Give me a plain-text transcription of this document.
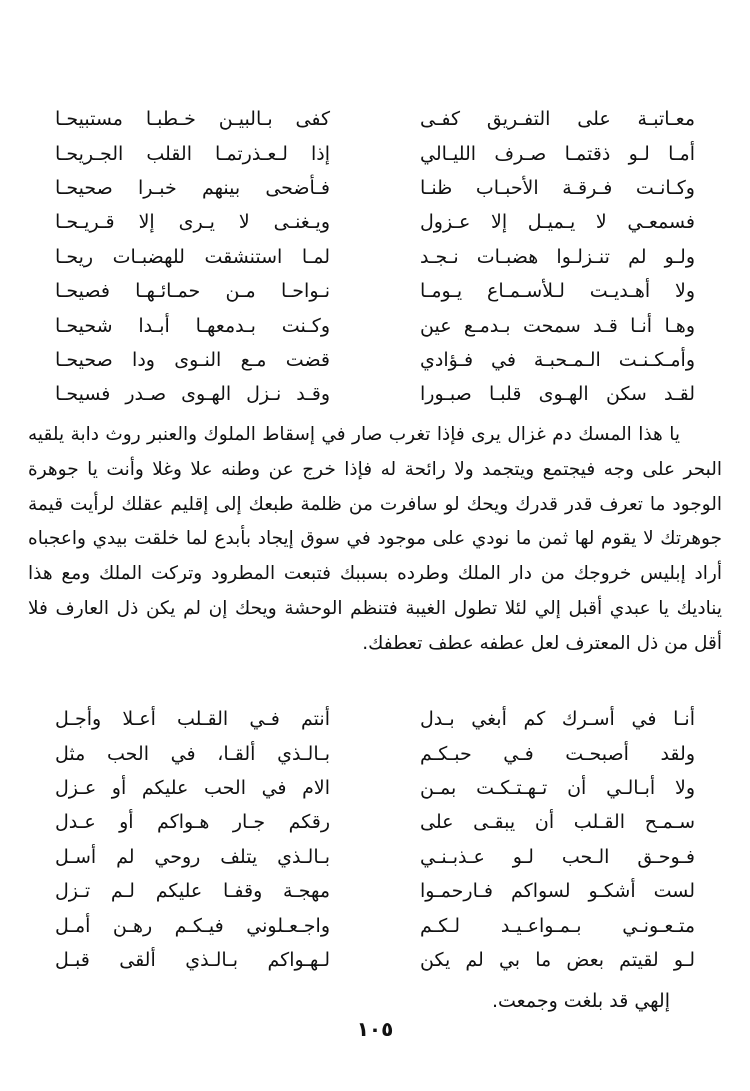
معـاتبـة على التفـريق كفـى
كفى بـالبيـن خـطبـا مستبيحـا
أمـا لـو ذقتمـا صـرف الليـالي
إذا لـعـذرتمـا القلب الجـريحـا
وكـانـت فـرقـة الأحبـاب ظنـا
فـأضحى بينهم خبـرا صحيحـا
فسمعـي لا يـميـل إلا عـزول
ويـغنـى لا يـرى إلا قـريـحـا
ولـو لم تنـزلـوا هضبـات نـجـد
لمـا استنشقت للهضبـات ريحـا
ولا أهـديـت لـلأسـمـاع يـومـا
نـواحـا مـن حمـائـهـا فصيحـا
وهـا أنـا قـد سمحت بـدمـع عين
وكـنت بـدمعهـا أبـدا شحيحـا
وأمـكـنـت الـمـحبـة في فـؤادي
قضت مـع النـوى ودا صحيحـا
لقـد سكن الهـوى قلبـا صبـورا
وقـد نـزل الهـوى صـدر فسيحـا

يا هذا المسك دم غزال يرى فإذا تغرب صار في إسقاط الملوك والعنبر روث دابة يلقيه البحر على وجه فيجتمع ويتجمد ولا رائحة له فإذا خرج عن وطنه علا وغلا وأنت يا جوهرة الوجود ما تعرف قدر قدرك ويحك لو سافرت من ظلمة طبعك إلى إقليم عقلك لرأيت قيمة جوهرتك لا يقوم لها ثمن ما نودي على موجود في سوق إيجاد بأبدع لما خلقت بيدي واعجباه أراد إبليس خروجك من دار الملك وطرده بسببك فتبعت المطرود وتركت الملك ومع هذا يناديك يا عبدي أقبل إلي لئلا تطول الغيبة فتنظم الوحشة ويحك إن لم يكن ذل العارف فلا أقل من ذل المعترف لعل عطفه عطف تعطفك.

أنـا في أسـرك كم أبغي بـدل
أنتم فـي القـلب أعـلا وأجـل
ولقد أصبحـت فـي حبـكـم
بـالـذي ألقـا، في الحب مثل
ولا أبـالـي أن تـهـتـكـت بمـن
الام في الحب عليكم أو عـزل
سـمـح القـلب أن يبقـى على
رقكم جـار هـواكم أو عـدل
فـوحـق الـحب لـو عـذبـنـي
بـالـذي يتلف روحي لم أسـل
لست أشكـو لسواكم فـارحمـوا
مهجـة وقفـا عليكم لـم تـزل
متـعـونـي بـمـواعـيـد لـكـم
واجـعـلوني فيـكـم رهـن أمـل
لـو لقيتم بعض ما بي لم يكن
لـهـواكم بـالـذي ألقى قبـل

إلهي قد بلغت وجمعت.

١٠٥
